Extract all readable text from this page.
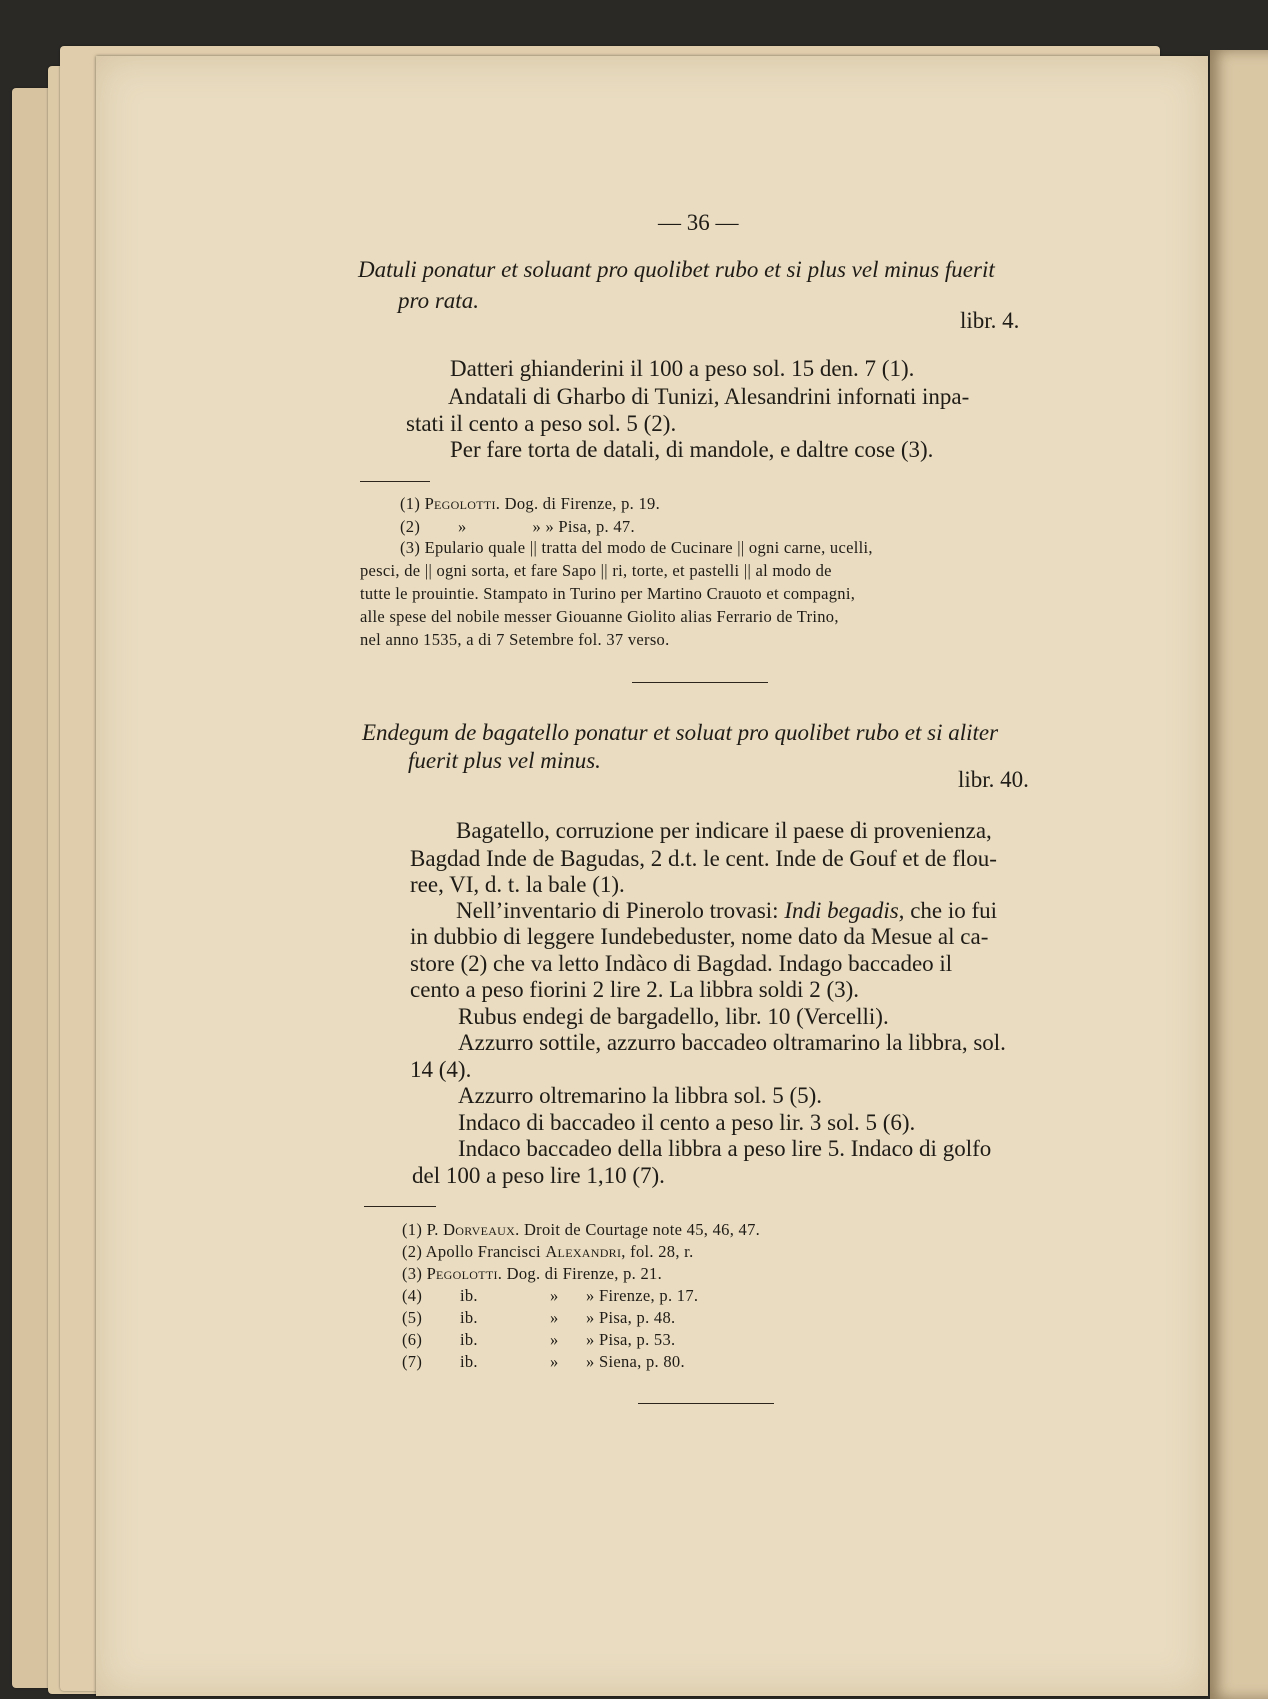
— 36 —
Datuli ponatur et soluant pro quolibet rubo et si plus vel minus fuerit
pro rata.
libr. 4.
Datteri ghianderini il 100 a peso sol. 15 den. 7 (1).
Andatali di Gharbo di Tunizi, Alesandrini infornati inpa-
stati il cento a peso sol. 5 (2).
Per fare torta de datali, di mandole, e daltre cose (3).
(1) Pegolotti. Dog. di Firenze, p. 19.
(2) »	» » Pisa, p. 47.
(3) Epulario quale || tratta del modo de Cucinare || ogni carne, ucelli,
pesci, de || ogni sorta, et fare Sapo || ri, torte, et pastelli || al modo de
tutte le prouintie. Stampato in Turino per Martino Crauoto et compagni,
alle spese del nobile messer Giouanne Giolito alias Ferrario de Trino,
nel anno 1535, a di 7 Setembre fol. 37 verso.
Endegum de bagatello ponatur et soluat pro quolibet rubo et si aliter
fuerit plus vel minus.
libr. 40.
Bagatello, corruzione per indicare il paese di provenienza,
Bagdad Inde de Bagudas, 2 d.t. le cent. Inde de Gouf et de flou-
ree, VI, d. t. la bale (1).
Nell’inventario di Pinerolo trovasi: Indi begadis, che io fui
in dubbio di leggere Iundebeduster, nome dato da Mesue al ca-
store (2) che va letto Indàco di Bagdad. Indago baccadeo il
cento a peso fiorini 2 lire 2. La libbra soldi 2 (3).
Rubus endegi de bargadello, libr. 10 (Vercelli).
Azzurro sottile, azzurro baccadeo oltramarino la libbra, sol.
14 (4).
Azzurro oltremarino la libbra sol. 5 (5).
Indaco di baccadeo il cento a peso lir. 3 sol. 5 (6).
Indaco baccadeo della libbra a peso lire 5. Indaco di golfo
del 100 a peso lire 1,10 (7).
(1) P. Dorveaux. Droit de Courtage note 45, 46, 47.
(2) Apollo Francisci Alexandri, fol. 28, r.
(3) Pegolotti. Dog. di Firenze, p. 21.
(4) ib.	» » Firenze, p. 17.
(5) ib.	» » Pisa, p. 48.
(6) ib.	» » Pisa, p. 53.
(7) ib.	» » Siena, p. 80.
